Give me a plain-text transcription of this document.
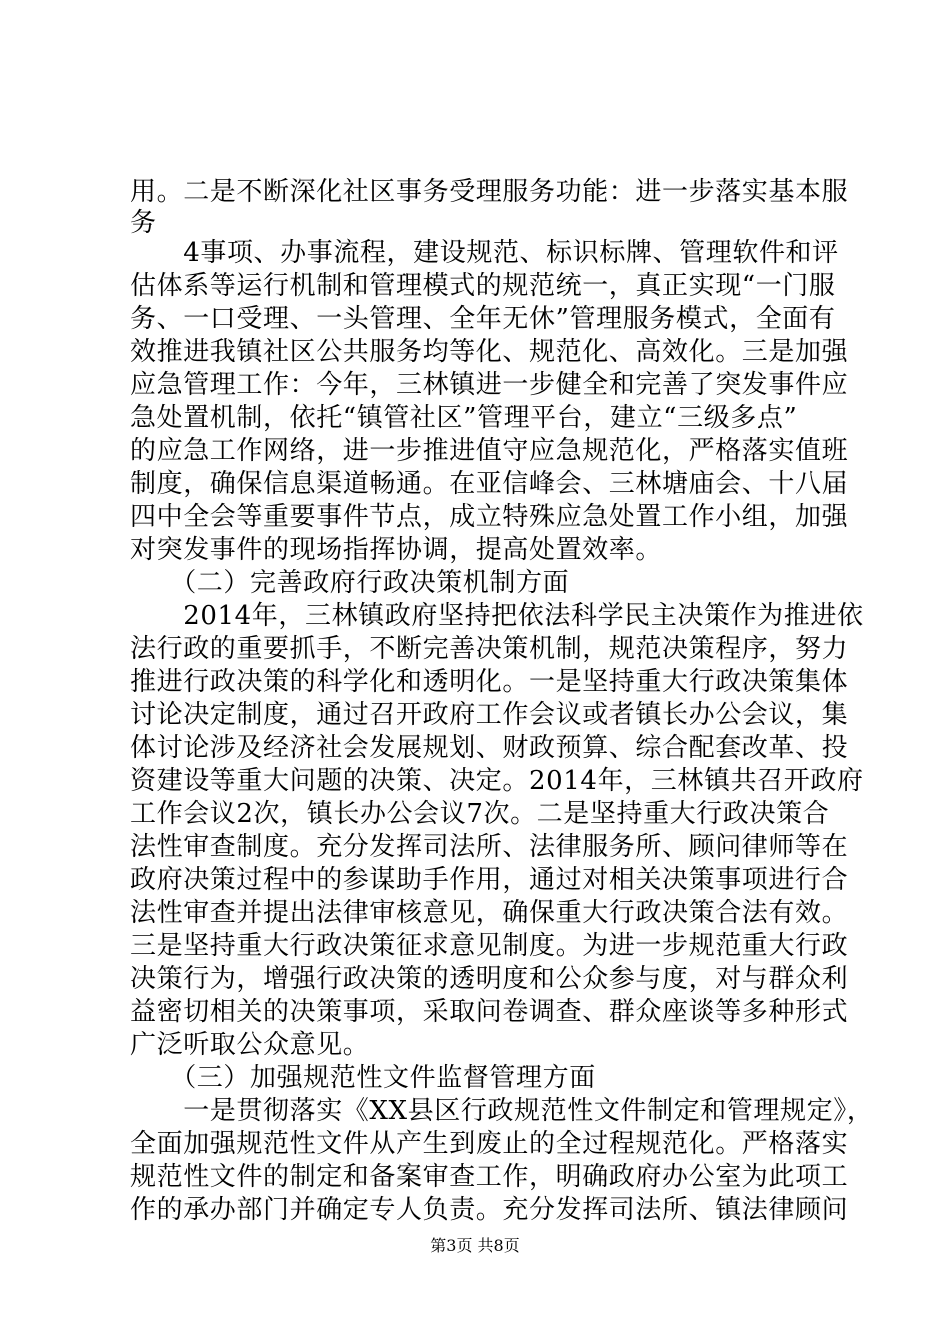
用。二是不断深化社区事务受理服务功能：进一步落实基本服
务
　　4事项、办事流程，建设规范、标识标牌、管理软件和评
估体系等运行机制和管理模式的规范统一，真正实现“一门服
务、一口受理、一头管理、全年无休”管理服务模式，全面有
效推进我镇社区公共服务均等化、规范化、高效化。三是加强
应急管理工作：今年，三林镇进一步健全和完善了突发事件应
急处置机制，依托“镇管社区”管理平台，建立“三级多点”
的应急工作网络，进一步推进值守应急规范化，严格落实值班
制度，确保信息渠道畅通。在亚信峰会、三林塘庙会、十八届
四中全会等重要事件节点，成立特殊应急处置工作小组，加强
对突发事件的现场指挥协调，提高处置效率。
　　（二）完善政府行政决策机制方面
　　2014年，三林镇政府坚持把依法科学民主决策作为推进依
法行政的重要抓手，不断完善决策机制，规范决策程序，努力
推进行政决策的科学化和透明化。一是坚持重大行政决策集体
讨论决定制度，通过召开政府工作会议或者镇长办公会议，集
体讨论涉及经济社会发展规划、财政预算、综合配套改革、投
资建设等重大问题的决策、决定。2014年，三林镇共召开政府
工作会议2次，镇长办公会议7次。二是坚持重大行政决策合
法性审查制度。充分发挥司法所、法律服务所、顾问律师等在
政府决策过程中的参谋助手作用，通过对相关决策事项进行合
法性审查并提出法律审核意见，确保重大行政决策合法有效。
三是坚持重大行政决策征求意见制度。为进一步规范重大行政
决策行为，增强行政决策的透明度和公众参与度，对与群众利
益密切相关的决策事项，采取问卷调查、群众座谈等多种形式
广泛听取公众意见。
　　（三）加强规范性文件监督管理方面
　　一是贯彻落实《XX县区行政规范性文件制定和管理规定》，
全面加强规范性文件从产生到废止的全过程规范化。严格落实
规范性文件的制定和备案审查工作，明确政府办公室为此项工
作的承办部门并确定专人负责。充分发挥司法所、镇法律顾问
第3页 共8页
